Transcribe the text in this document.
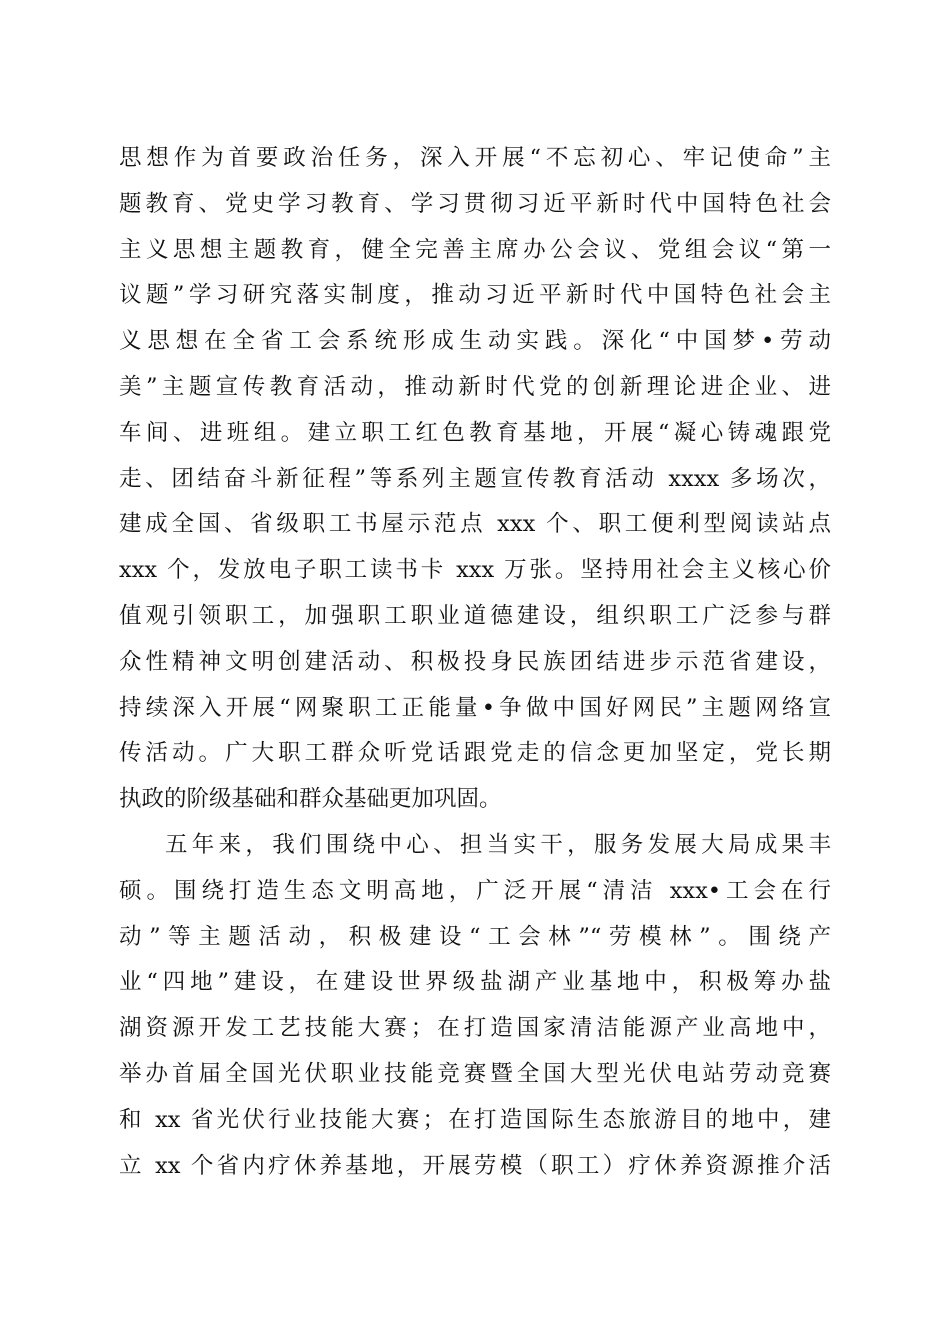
思想作为首要政治任务，深入开展“不忘初心、牢记使命”主
题教育、党史学习教育、学习贯彻习近平新时代中国特色社会
主义思想主题教育，健全完善主席办公会议、党组会议“第一
议题”学习研究落实制度，推动习近平新时代中国特色社会主
义思想在全省工会系统形成生动实践。深化“中国梦•劳动
美”主题宣传教育活动，推动新时代党的创新理论进企业、进
车间、进班组。建立职工红色教育基地，开展“凝心铸魂跟党
走、团结奋斗新征程”等系列主题宣传教育活动 xxxx 多场次，
建成全国、省级职工书屋示范点 xxx 个、职工便利型阅读站点
xxx 个，发放电子职工读书卡 xxx 万张。坚持用社会主义核心价
值观引领职工，加强职工职业道德建设，组织职工广泛参与群
众性精神文明创建活动、积极投身民族团结进步示范省建设，
持续深入开展“网聚职工正能量•争做中国好网民”主题网络宣
传活动。广大职工群众听党话跟党走的信念更加坚定，党长期
执政的阶级基础和群众基础更加巩固。
五年来，我们围绕中心、担当实干，服务发展大局成果丰
硕。围绕打造生态文明高地，广泛开展“清洁 xxx•工会在行
动”等主题活动，积极建设“工会林”“劳模林”。围绕产
业“四地”建设，在建设世界级盐湖产业基地中，积极筹办盐
湖资源开发工艺技能大赛；在打造国家清洁能源产业高地中，
举办首届全国光伏职业技能竞赛暨全国大型光伏电站劳动竞赛
和 xx 省光伏行业技能大赛；在打造国际生态旅游目的地中，建
立 xx 个省内疗休养基地，开展劳模（职工）疗休养资源推介活
